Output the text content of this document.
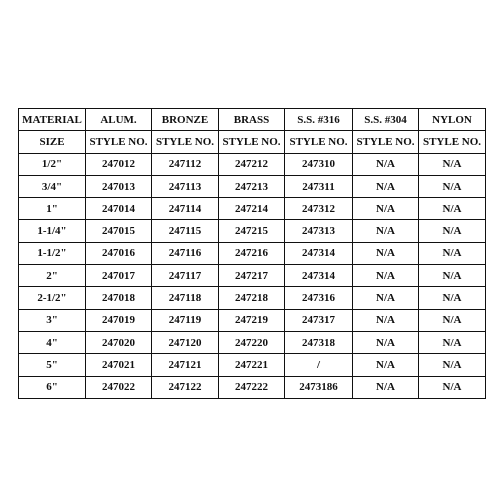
MATERIAL	ALUM.	BRONZE	BRASS	S.S. #316	S.S. #304	NYLON
SIZE	STYLE NO.	STYLE NO.	STYLE NO.	STYLE NO.	STYLE NO.	STYLE NO.
1/2"	247012	247112	247212	247310	N/A	N/A
3/4"	247013	247113	247213	247311	N/A	N/A
1"	247014	247114	247214	247312	N/A	N/A
1-1/4"	247015	247115	247215	247313	N/A	N/A
1-1/2"	247016	247116	247216	247314	N/A	N/A
2"	247017	247117	247217	247314	N/A	N/A
2-1/2"	247018	247118	247218	247316	N/A	N/A
3"	247019	247119	247219	247317	N/A	N/A
4"	247020	247120	247220	247318	N/A	N/A
5"	247021	247121	247221	/	N/A	N/A
6"	247022	247122	247222	2473186	N/A	N/A
